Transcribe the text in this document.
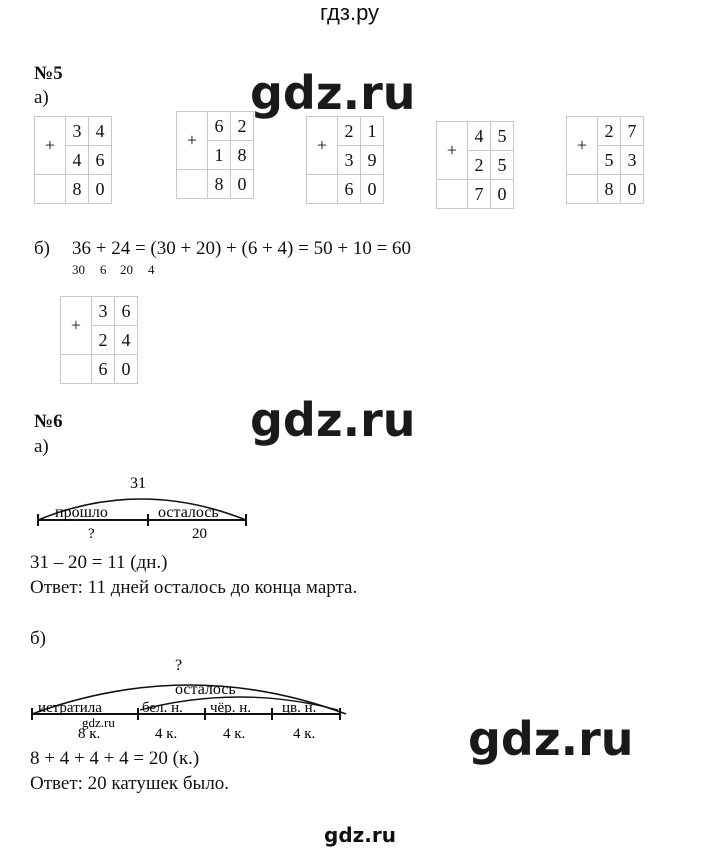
гдз.ру
gdz.ru
gdz.ru
gdz.ru
№5
а)
+	3	4
	4	6
	8	0
+	6	2
	1	8
	8	0
+	2	1
	3	9
	6	0
+	4	5
	2	5
	7	0
+	2	7
	5	3
	8	0
+	3	6
	2	4
	6	0
б) 36 + 24 = (30 + 20) + (6 + 4) = 50 + 10 = 60
30 6 20 4
№6
а)
31
прошло	осталось
?	20
31 – 20 = 11 (дн.)
Ответ: 11 дней осталось до конца марта.
б)
?
осталось
истратила	бел. н. чёр. н. цв. н.
gdz.ru
8 к.	4 к.	4 к.	4 к.
8 + 4 + 4 + 4 = 20 (к.)
Ответ: 20 катушек было.
gdz.ru
